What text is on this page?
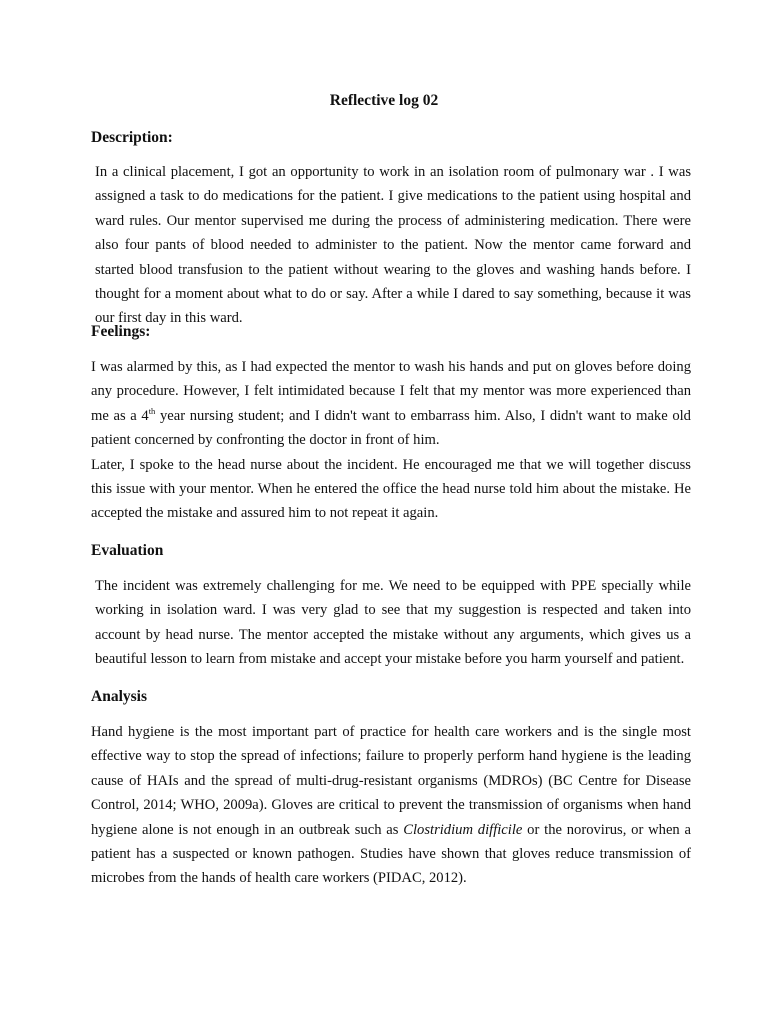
Reflective log 02
Description:

In a clinical placement, I got an opportunity to work in an isolation room of pulmonary war . I was assigned a task to do medications for the patient. I give medications to the patient using hospital and ward rules. Our mentor supervised me during the process of administering medication. There were also four pants of blood needed to administer to the patient. Now the mentor came forward and started blood transfusion to the patient without wearing to the gloves and washing hands before. I thought for a moment about what to do or say. After a while I dared to say something, because it was our first day in this ward.

Feelings:

I was alarmed by this, as I had expected the mentor to wash his hands and put on gloves before doing any procedure. However, I felt intimidated because I felt that my mentor was more experienced than me as a 4th year nursing student; and I didn't want to embarrass him. Also, I didn't want to make old patient concerned by confronting the doctor in front of him.

Later, I spoke to the head nurse about the incident. He encouraged me that we will together discuss this issue with your mentor. When he entered the office the head nurse told him about the mistake. He accepted the mistake and assured him to not repeat it again.

Evaluation

The incident was extremely challenging for me. We need to be equipped with PPE specially while working in isolation ward. I was very glad to see that my suggestion is respected and taken into account by head nurse. The mentor accepted the mistake without any arguments, which gives us a beautiful lesson to learn from mistake and accept your mistake before you harm yourself and patient.

Analysis

Hand hygiene is the most important part of practice for health care workers and is the single most effective way to stop the spread of infections; failure to properly perform hand hygiene is the leading cause of HAIs and the spread of multi-drug-resistant organisms (MDROs) (BC Centre for Disease Control, 2014; WHO, 2009a). Gloves are critical to prevent the transmission of organisms when hand hygiene alone is not enough in an outbreak such as Clostridium difficile or the norovirus, or when a patient has a suspected or known pathogen. Studies have shown that gloves reduce transmission of microbes from the hands of health care workers (PIDAC, 2012).
